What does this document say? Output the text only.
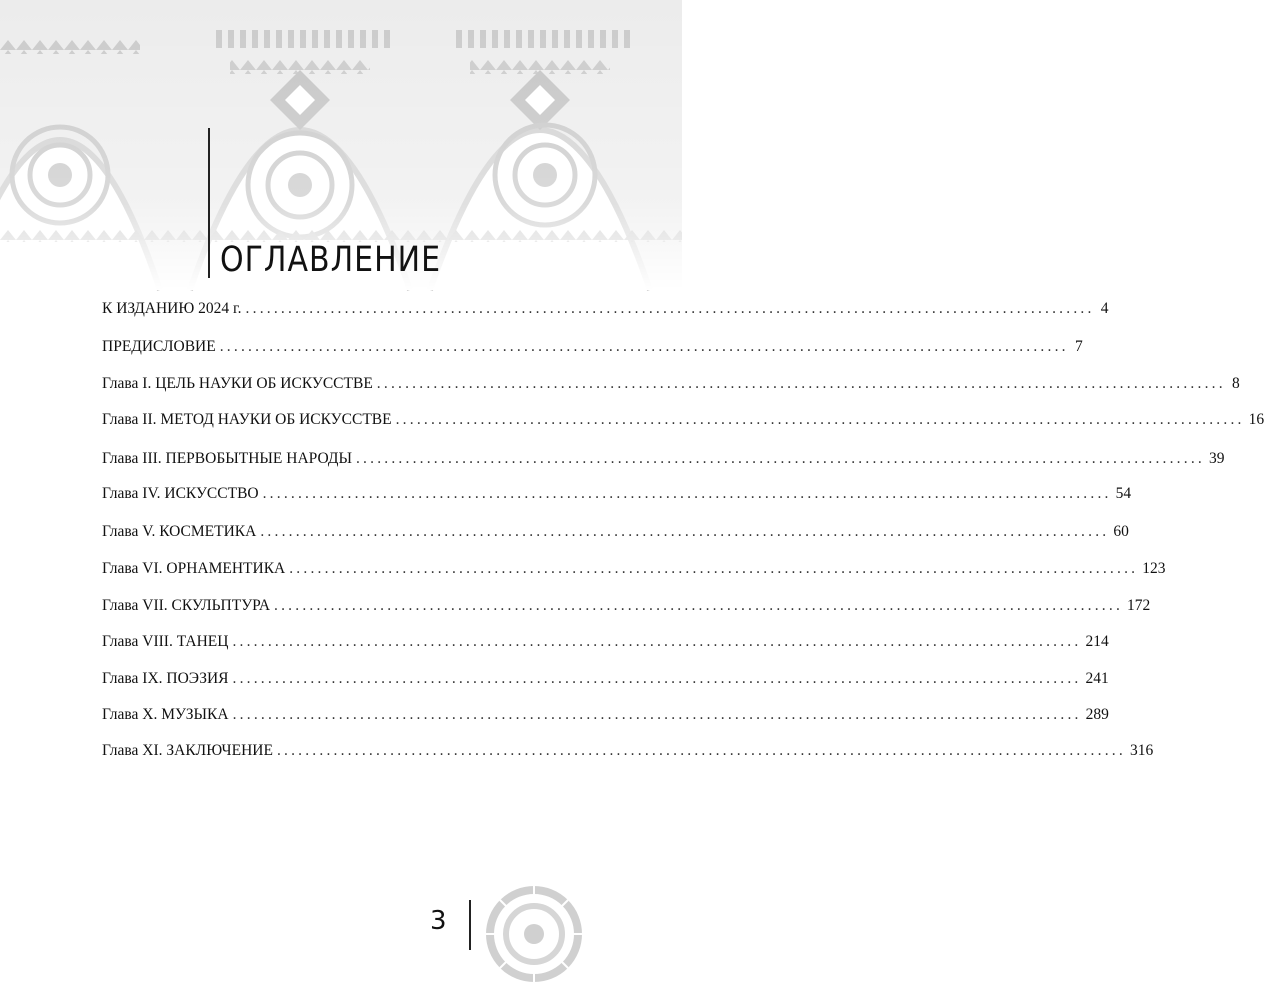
ОГЛАВЛЕНИЕ
К ИЗДАНИЮ 2024 г. ........................................................................................................................ 4
ПРЕДИСЛОВИЕ ........................................................................................................................ 7
Глава I. ЦЕЛЬ НАУКИ ОБ ИСКУССТВЕ ........................................................................................................................ 8
Глава II. МЕТОД НАУКИ ОБ ИСКУССТВЕ ........................................................................................................................ 16
Глава III. ПЕРВОБЫТНЫЕ НАРОДЫ ........................................................................................................................ 39
Глава IV. ИСКУССТВО ........................................................................................................................ 54
Глава V. КОСМЕТИКА ........................................................................................................................ 60
Глава VI. ОРНАМЕНТИКА ........................................................................................................................ 123
Глава VII. СКУЛЬПТУРА ........................................................................................................................ 172
Глава VIII. ТАНЕЦ ........................................................................................................................ 214
Глава IX. ПОЭЗИЯ ........................................................................................................................ 241
Глава X. МУЗЫКА ........................................................................................................................ 289
Глава XI. ЗАКЛЮЧЕНИЕ ........................................................................................................................ 316
3
